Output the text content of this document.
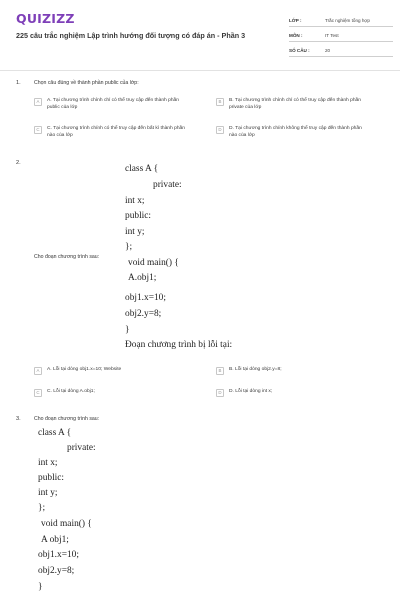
QUIZIZZ
225 câu trắc nghiệm Lập trình hướng đối tượng có đáp án - Phần 3
LỚP :	Trắc nghiệm tổng hợp
MÔN :	IT Test
SỐ CÂU :	20
1.	Chọn câu đúng về thành phần public của lớp:
A	A. Tại chương trình chính chỉ có thể truy cập đến thành phần public của lớp
B	B. Tại chương trình chính chỉ có thể truy cập đến thành phần private của lớp
C	C. Tại chương trình chính có thể truy cập đến bất kì thành phần nào của lớp
D	D. Tại chương trình chính không thể truy cập đến thành phần nào của lớp
2.
Cho đoạn chương trình sau:
class A {
private:
int x;
public:
int y;
};
void main() {
A.obj1;
obj1.x=10;
obj2.y=8;
}
Đoạn chương trình bị lỗi tại:
A	A. Lỗi tại dòng obj1.x=10; Website	B	B. Lỗi tại dòng obj2.y=8;
C	C. Lỗi tại dòng A.obj1;	D	D. Lỗi tại dòng int x;
3.	Cho đoạn chương trình sau:
class A {
private:
int x;
public:
int y;
};
void main() {
A obj1;
obj1.x=10;
obj2.y=8;
}
